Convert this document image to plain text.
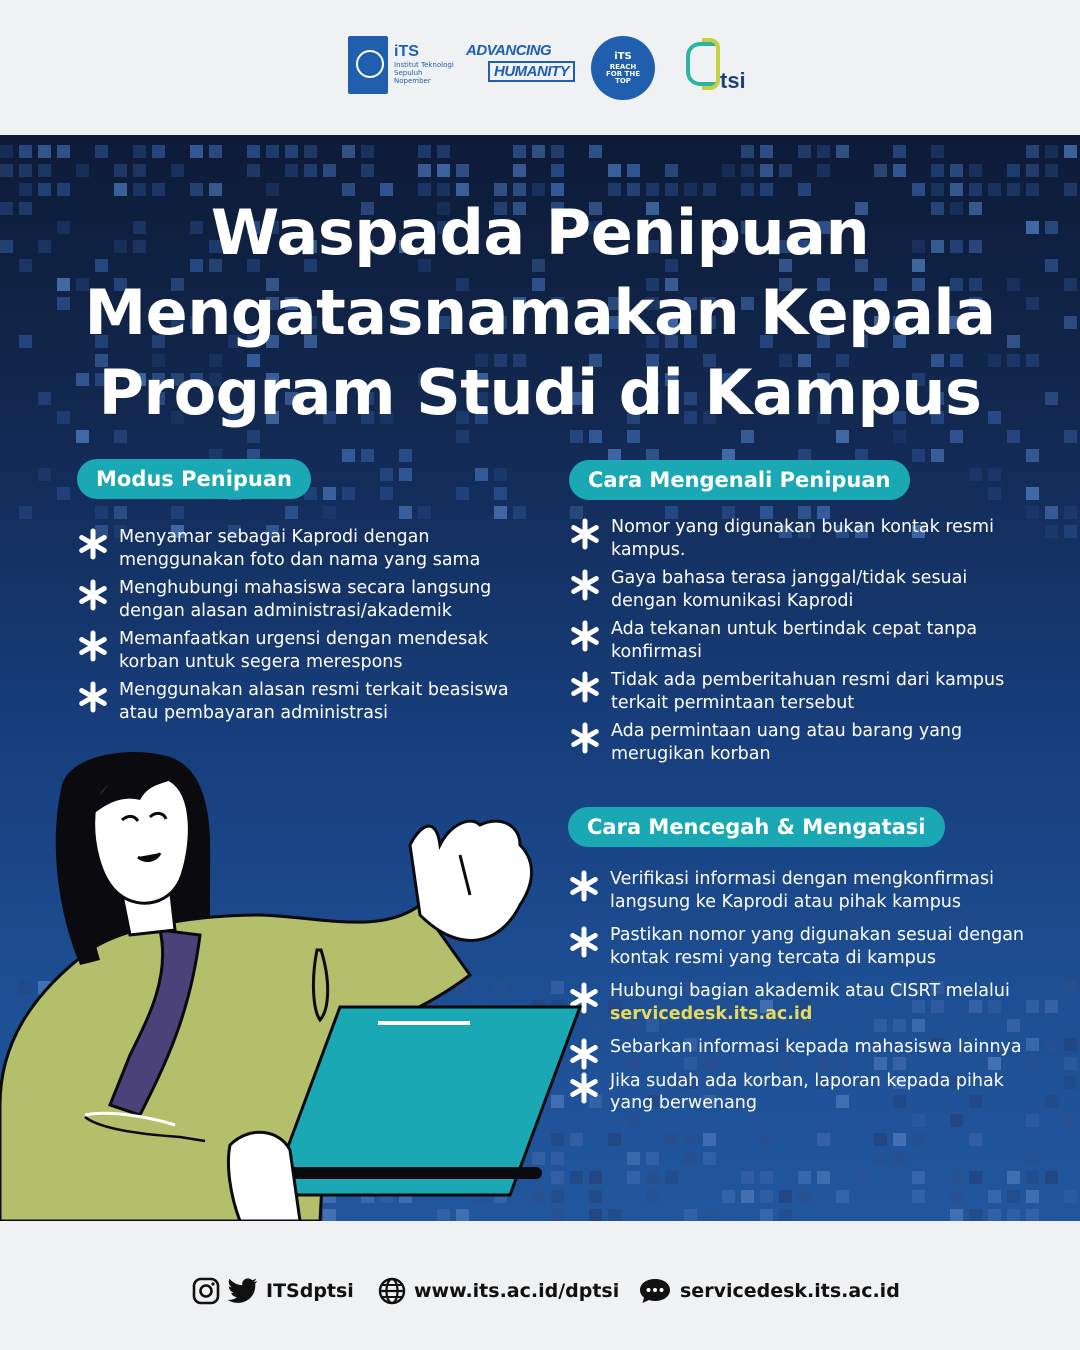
iTS
Institut Teknologi Sepuluh Nopember
ADVANCING
HUMANITY
iTS
REACH FOR THE TOP	tsi
Waspada Penipuan
Mengatasnamakan Kepala
Program Studi di Kampus
Modus Penipuan
Menyamar sebagai Kaprodi dengan menggunakan foto dan nama yang sama
Menghubungi mahasiswa secara langsung dengan alasan administrasi/akademik
Memanfaatkan urgensi dengan mendesak korban untuk segera merespons
Menggunakan alasan resmi terkait beasiswa atau pembayaran administrasi
Cara Mengenali Penipuan
Nomor yang digunakan bukan kontak resmi kampus.
Gaya bahasa terasa janggal/tidak sesuai dengan komunikasi Kaprodi
Ada tekanan untuk bertindak cepat tanpa konfirmasi
Tidak ada pemberitahuan resmi dari kampus terkait permintaan tersebut
Ada permintaan uang atau barang yang merugikan korban
Cara Mencegah & Mengatasi
Verifikasi informasi dengan mengkonfirmasi langsung ke Kaprodi atau pihak kampus
Pastikan nomor yang digunakan sesuai dengan kontak resmi yang tercata di kampus
Hubungi bagian akademik atau CISRT melalui
servicedesk.its.ac.id
Sebarkan informasi kepada mahasiswa lainnya
Jika sudah ada korban, laporan kepada pihak yang berwenang
ITSdptsi	www.its.ac.id/dptsi	servicedesk.its.ac.id
